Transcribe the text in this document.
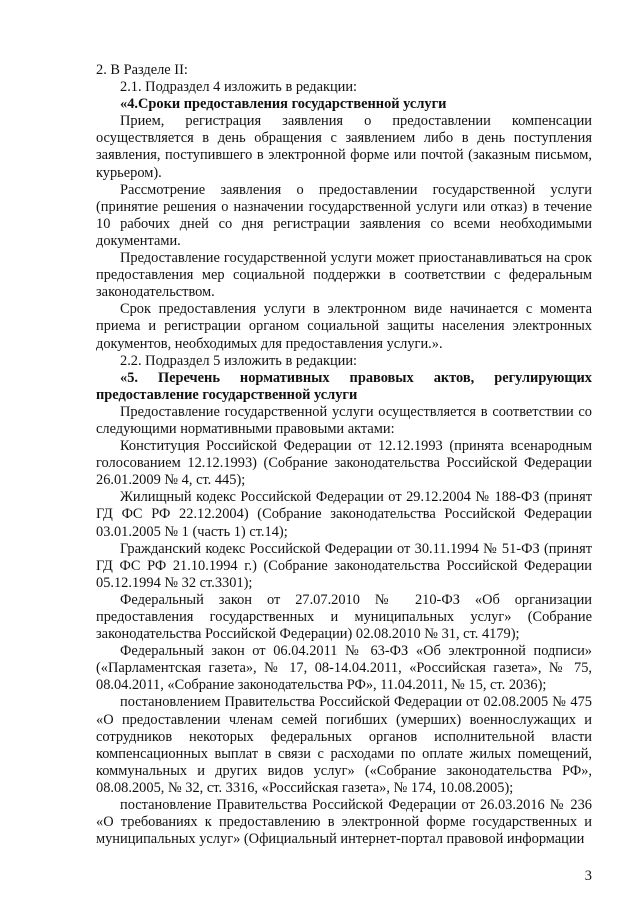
2. В Разделе II:

2.1. Подраздел 4 изложить в редакции:

«4.Сроки предоставления государственной услуги

Прием, регистрация заявления о предоставлении компенсации осуществляется в день обращения с заявлением либо в день поступления заявления, поступившего в электронной форме или почтой (заказным письмом, курьером).

Рассмотрение заявления о предоставлении государственной услуги (принятие решения о назначении государственной услуги или отказ) в течение 10 рабочих дней со дня регистрации заявления со всеми необходимыми документами.

Предоставление государственной услуги может приостанавливаться на срок предоставления мер социальной поддержки в соответствии с федеральным законодательством.

Срок предоставления услуги в электронном виде начинается с момента приема и регистрации органом социальной защиты населения электронных документов, необходимых для предоставления услуги.».

2.2. Подраздел 5 изложить в редакции:

«5. Перечень нормативных правовых актов, регулирующих предоставление государственной услуги

Предоставление государственной услуги осуществляется в соответствии со следующими нормативными правовыми актами:

Конституция Российской Федерации от 12.12.1993 (принята всенародным голосованием 12.12.1993) (Собрание законодательства Российской Федерации 26.01.2009 № 4, ст. 445);

Жилищный кодекс Российской Федерации от 29.12.2004 № 188-ФЗ (принят ГД ФС РФ 22.12.2004) (Собрание законодательства Российской Федерации 03.01.2005 № 1 (часть 1) ст.14);

Гражданский кодекс Российской Федерации от 30.11.1994 № 51-ФЗ (принят ГД ФС РФ 21.10.1994 г.) (Собрание законодательства Российской Федерации 05.12.1994 № 32 ст.3301);

Федеральный закон от 27.07.2010 № 210-ФЗ «Об организации предоставления государственных и муниципальных услуг» (Собрание законодательства Российской Федерации) 02.08.2010 № 31, ст. 4179);

Федеральный закон от 06.04.2011 № 63-ФЗ «Об электронной подписи» («Парламентская газета», № 17, 08-14.04.2011, «Российская газета», № 75, 08.04.2011, «Собрание законодательства РФ», 11.04.2011, № 15, ст. 2036);

постановлением Правительства Российской Федерации от 02.08.2005 № 475 «О предоставлении членам семей погибших (умерших) военнослужащих и сотрудников некоторых федеральных органов исполнительной власти компенсационных выплат в связи с расходами по оплате жилых помещений, коммунальных и других видов услуг» («Собрание законодательства РФ», 08.08.2005, № 32, ст. 3316, «Российская газета», № 174, 10.08.2005);

постановление Правительства Российской Федерации от 26.03.2016 № 236 «О требованиях к предоставлению в электронной форме государственных и муниципальных услуг» (Официальный интернет-портал правовой информации

3
